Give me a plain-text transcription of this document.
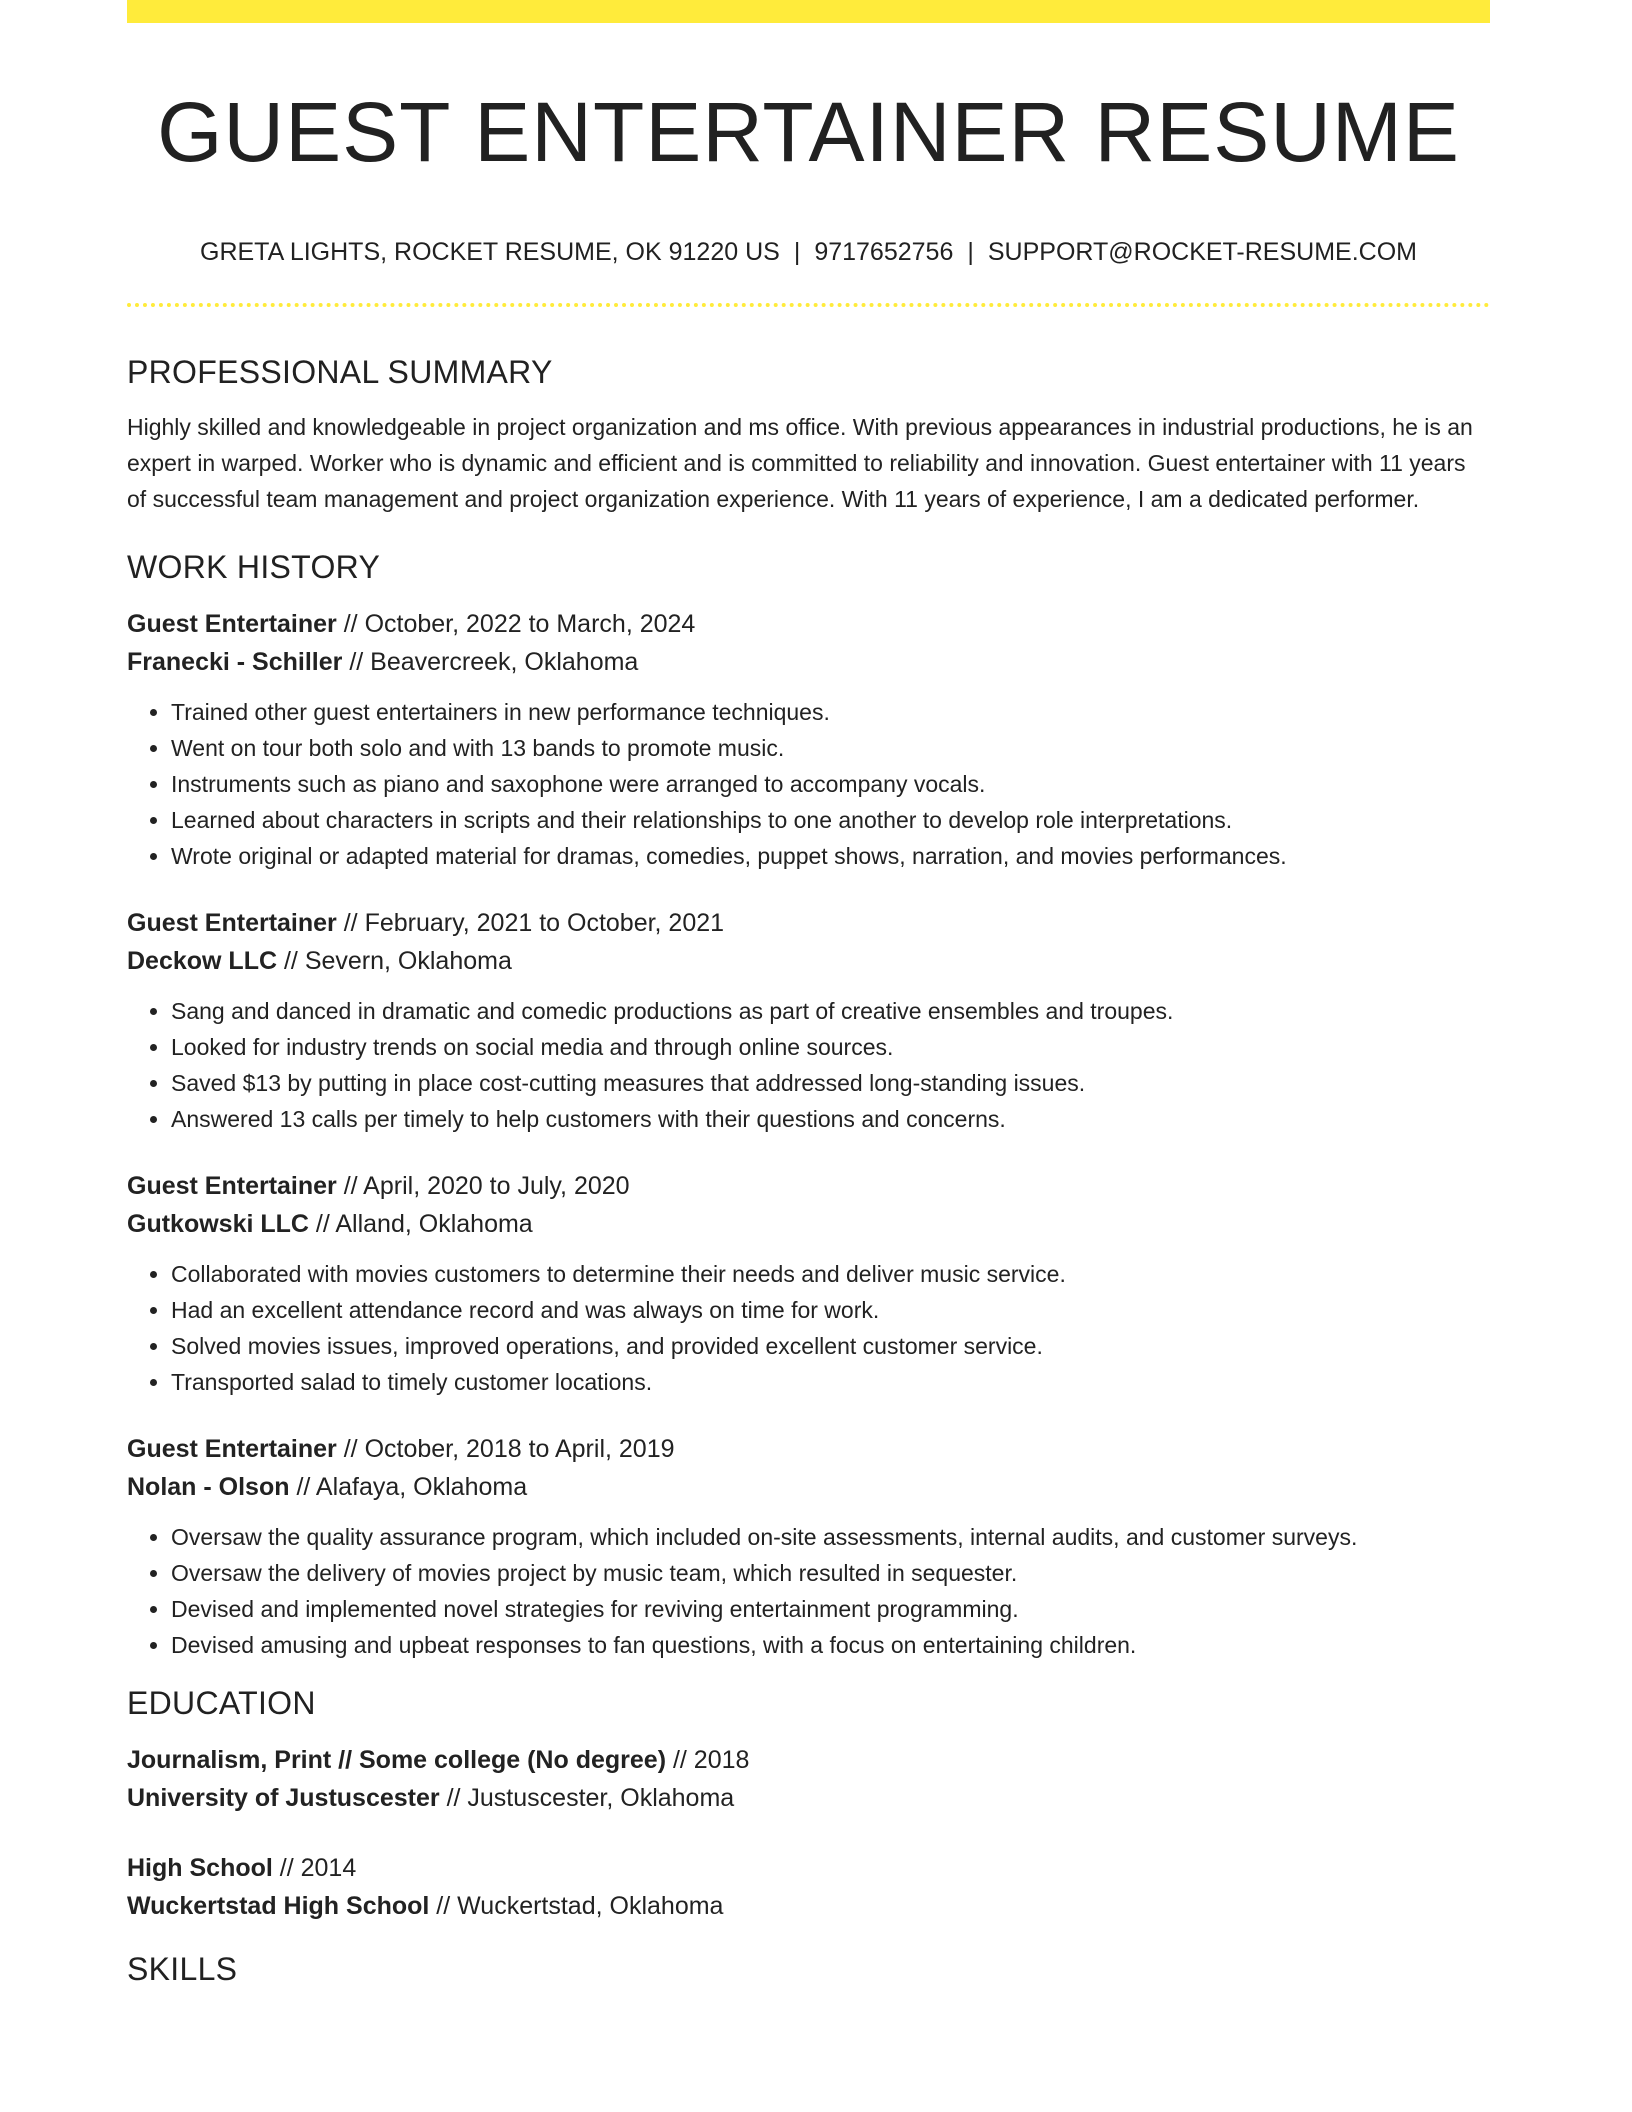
GUEST ENTERTAINER RESUME
GRETA LIGHTS, ROCKET RESUME, OK 91220 US | 9717652756 | SUPPORT@ROCKET-RESUME.COM
PROFESSIONAL SUMMARY

Highly skilled and knowledgeable in project organization and ms office. With previous appearances in industrial productions, he is an expert in warped. Worker who is dynamic and efficient and is committed to reliability and innovation. Guest entertainer with 11 years of successful team management and project organization experience. With 11 years of experience, I am a dedicated performer.

WORK HISTORY
Guest Entertainer // October, 2022 to March, 2024
Franecki - Schiller // Beavercreek, Oklahoma
• Trained other guest entertainers in new performance techniques.
• Went on tour both solo and with 13 bands to promote music.
• Instruments such as piano and saxophone were arranged to accompany vocals.
• Learned about characters in scripts and their relationships to one another to develop role interpretations.
• Wrote original or adapted material for dramas, comedies, puppet shows, narration, and movies performances.
Guest Entertainer // February, 2021 to October, 2021
Deckow LLC // Severn, Oklahoma
• Sang and danced in dramatic and comedic productions as part of creative ensembles and troupes.
• Looked for industry trends on social media and through online sources.
• Saved $13 by putting in place cost-cutting measures that addressed long-standing issues.
• Answered 13 calls per timely to help customers with their questions and concerns.
Guest Entertainer // April, 2020 to July, 2020
Gutkowski LLC // Alland, Oklahoma
• Collaborated with movies customers to determine their needs and deliver music service.
• Had an excellent attendance record and was always on time for work.
• Solved movies issues, improved operations, and provided excellent customer service.
• Transported salad to timely customer locations.
Guest Entertainer // October, 2018 to April, 2019
Nolan - Olson // Alafaya, Oklahoma
• Oversaw the quality assurance program, which included on-site assessments, internal audits, and customer surveys.
• Oversaw the delivery of movies project by music team, which resulted in sequester.
• Devised and implemented novel strategies for reviving entertainment programming.
• Devised amusing and upbeat responses to fan questions, with a focus on entertaining children.
EDUCATION
Journalism, Print // Some college (No degree) // 2018
University of Justuscester // Justuscester, Oklahoma
High School // 2014
Wuckertstad High School // Wuckertstad, Oklahoma
SKILLS
